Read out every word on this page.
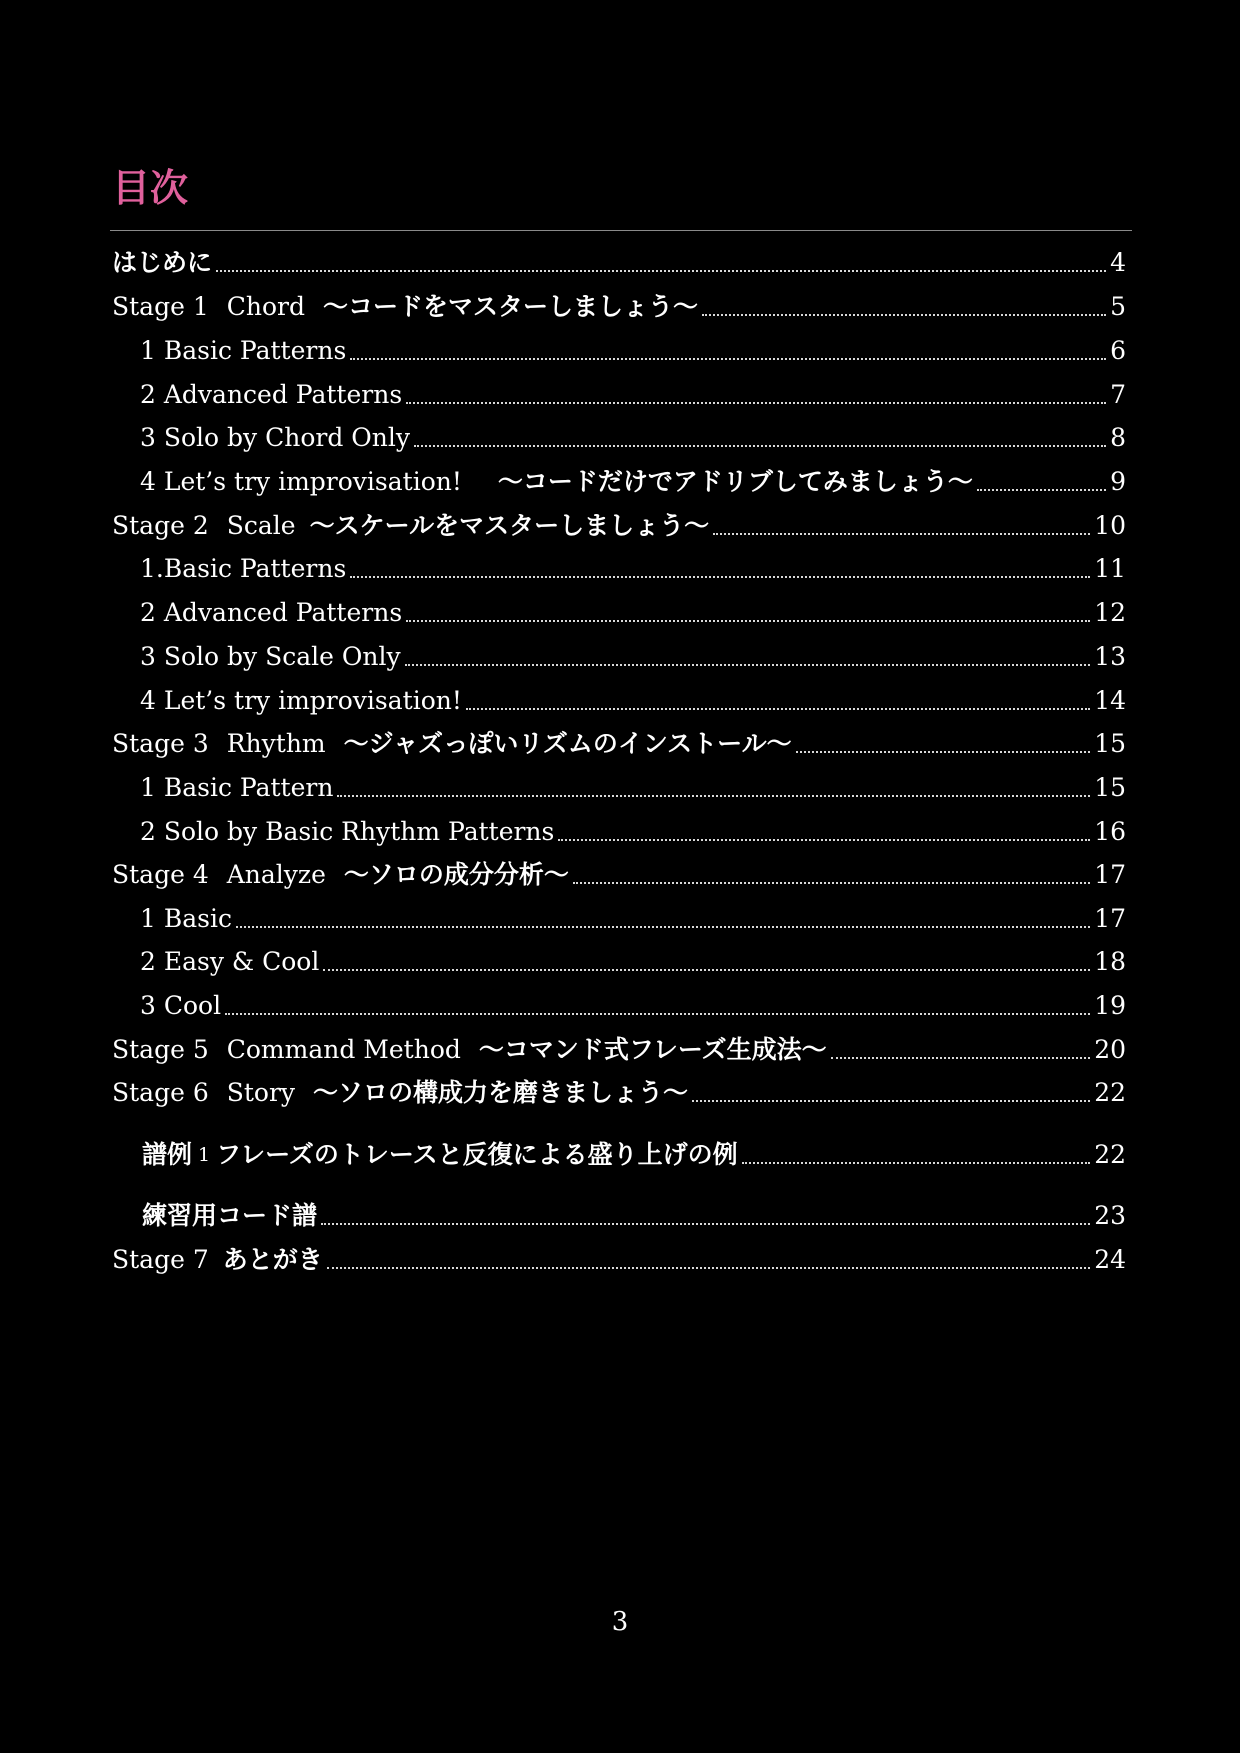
目次
はじめに	4
Stage 1 Chord ～コードをマスターしましょう～	5
1 Basic Patterns	6
2 Advanced Patterns	7
3 Solo by Chord Only	8
4 Let’s try improvisation! ～コードだけでアドリブしてみましょう～	9
Stage 2 Scale ～スケールをマスターしましょう～	10
1.Basic Patterns	11
2 Advanced Patterns	12
3 Solo by Scale Only	13
4 Let’s try improvisation!	14
Stage 3 Rhythm ～ジャズっぽいリズムのインストール～	15
1 Basic Pattern	15
2 Solo by Basic Rhythm Patterns	16
Stage 4 Analyze ～ソロの成分分析～	17
1 Basic	17
2 Easy & Cool	18
3 Cool	19
Stage 5 Command Method ～コマンド式フレーズ生成法～	20
Stage 6 Story ～ソロの構成力を磨きましょう～	22
譜例 1 フレーズのトレースと反復による盛り上げの例	22
練習用コード譜	23
Stage 7 あとがき	24
3
